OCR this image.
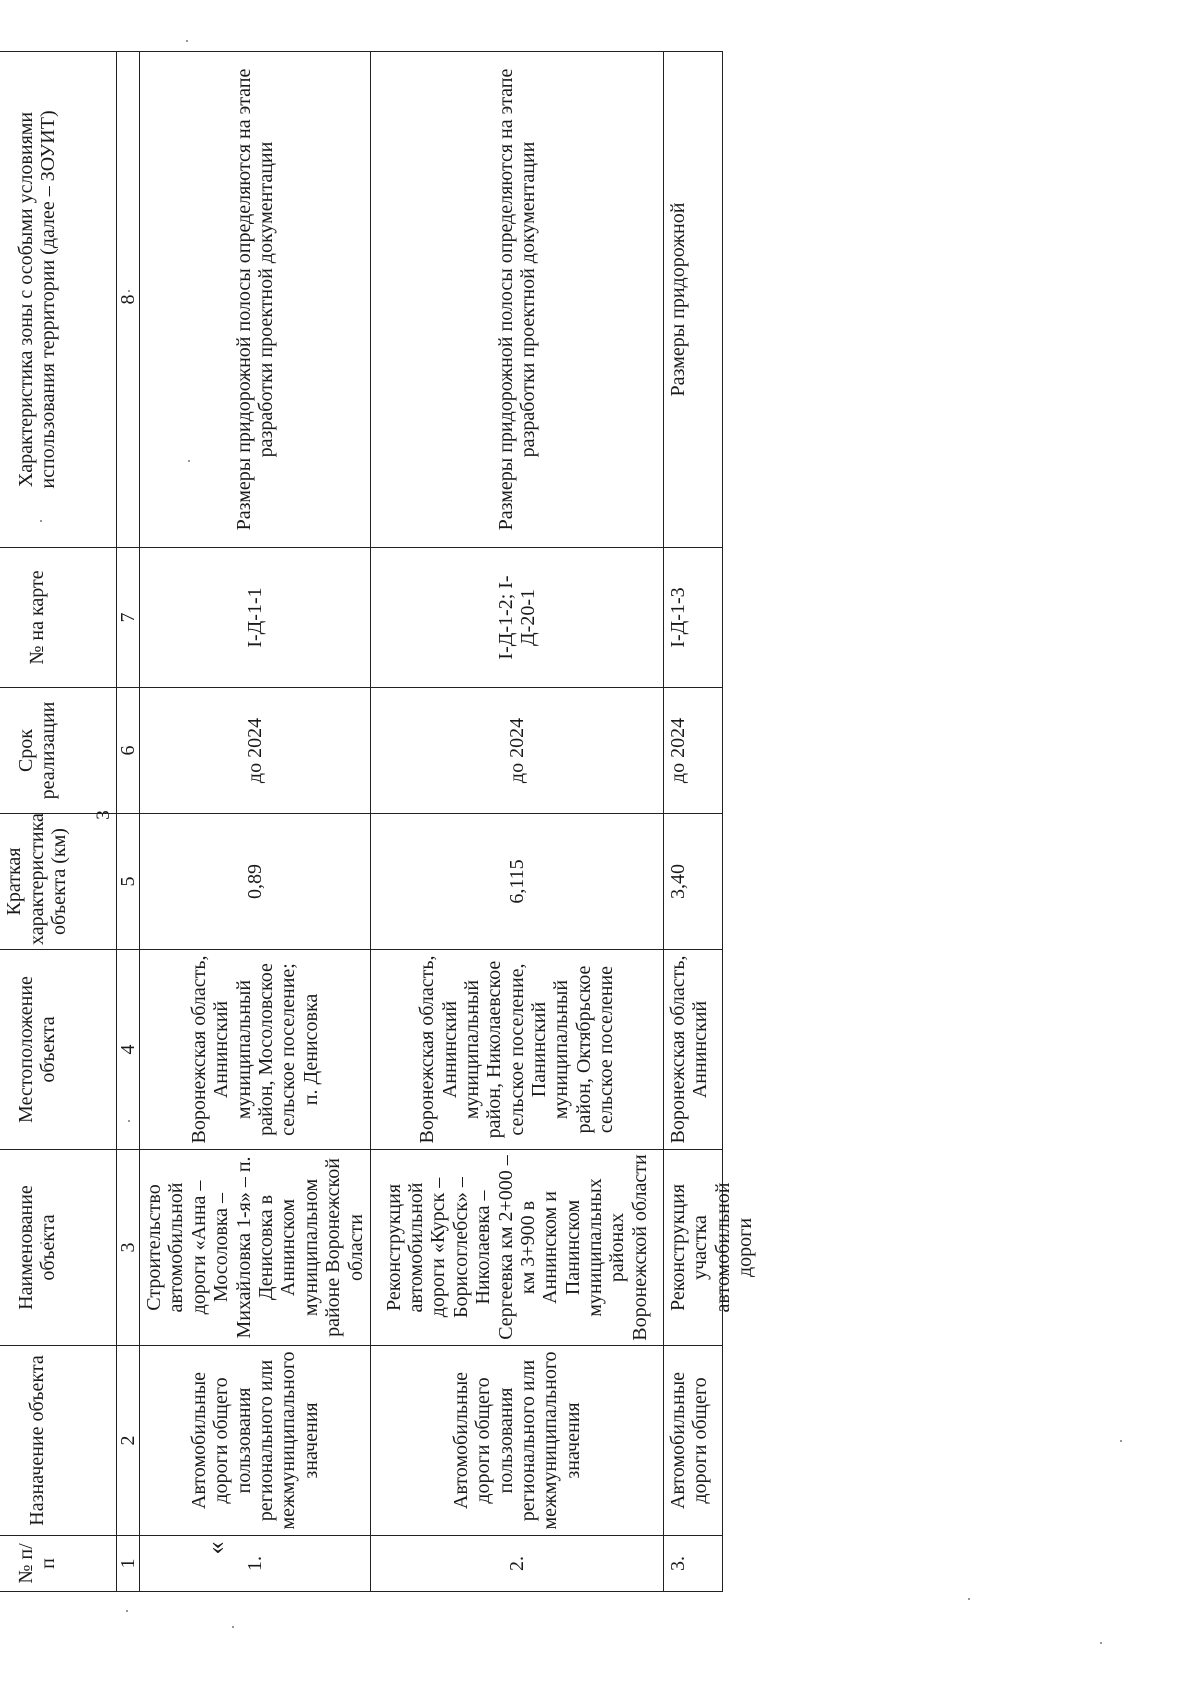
3
«
№ п/п	Назначение объекта	Наименование объекта	Местоположение объекта	Краткая характеристика объекта (км)	Срок реализации	№ на карте	Характеристика зоны с особыми условиями использования территории (далее – ЗОУИТ)
1	2	3	4	5	6	7	8
1.	Автомобильные дороги общего пользования регионального или межмуниципального значения	Строительство автомобильной дороги «Анна – Мосоловка – Михайловка 1-я» – п. Денисовка в Аннинском муниципальном районе Воронежской области	Воронежская область, Аннинский муниципальный район, Мосоловское сельское поселение; п. Денисовка	0,89	до 2024	I-Д-1-1	Размеры придорожной полосы определяются на этапе разработки проектной документации
2.	Автомобильные дороги общего пользования регионального или межмуниципального значения	Реконструкция автомобильной дороги «Курск – Борисоглебск» – Николаевка – Сергеевка км 2+000 – км 3+900 в Аннинском и Панинском муниципальных районах Воронежской области	Воронежская область, Аннинский муниципальный район, Николаевское сельское поселение, Панинский муниципальный район, Октябрьское сельское поселение	6,115	до 2024	I-Д-1-2; I-Д-20-1	Размеры придорожной полосы определяются на этапе разработки проектной документации
3.	Автомобильные дороги общего	Реконструкция участка автомобильной дороги	Воронежская область, Аннинский	3,40	до 2024	I-Д-1-3	Размеры придорожной
